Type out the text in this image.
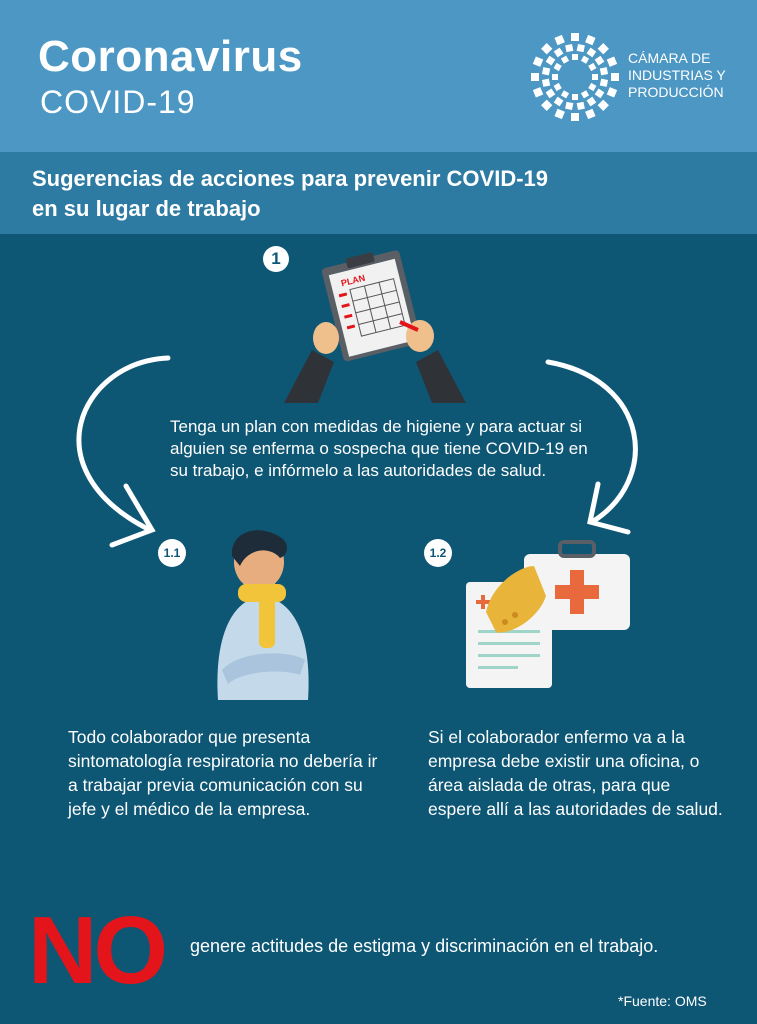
Coronavirus
COVID-19
CÁMARA DE
INDUSTRIAS Y
PRODUCCIÓN
Sugerencias de acciones para prevenir COVID-19
en su lugar de trabajo
PLAN
1
1.1	1.2
Tenga un plan con medidas de higiene y para actuar si alguien se enferma o sospecha que tiene COVID-19 en su trabajo, e infórmelo a las autoridades de salud.
Todo colaborador que presenta sintomatología respiratoria no debería ir a trabajar previa comunicación con su jefe y el médico de la empresa.
Si el colaborador enfermo va a la empresa debe existir una oficina, o área aislada de otras, para que espere allí a las autoridades de salud.
NO genere actitudes de estigma y discriminación en el trabajo.
*Fuente: OMS
